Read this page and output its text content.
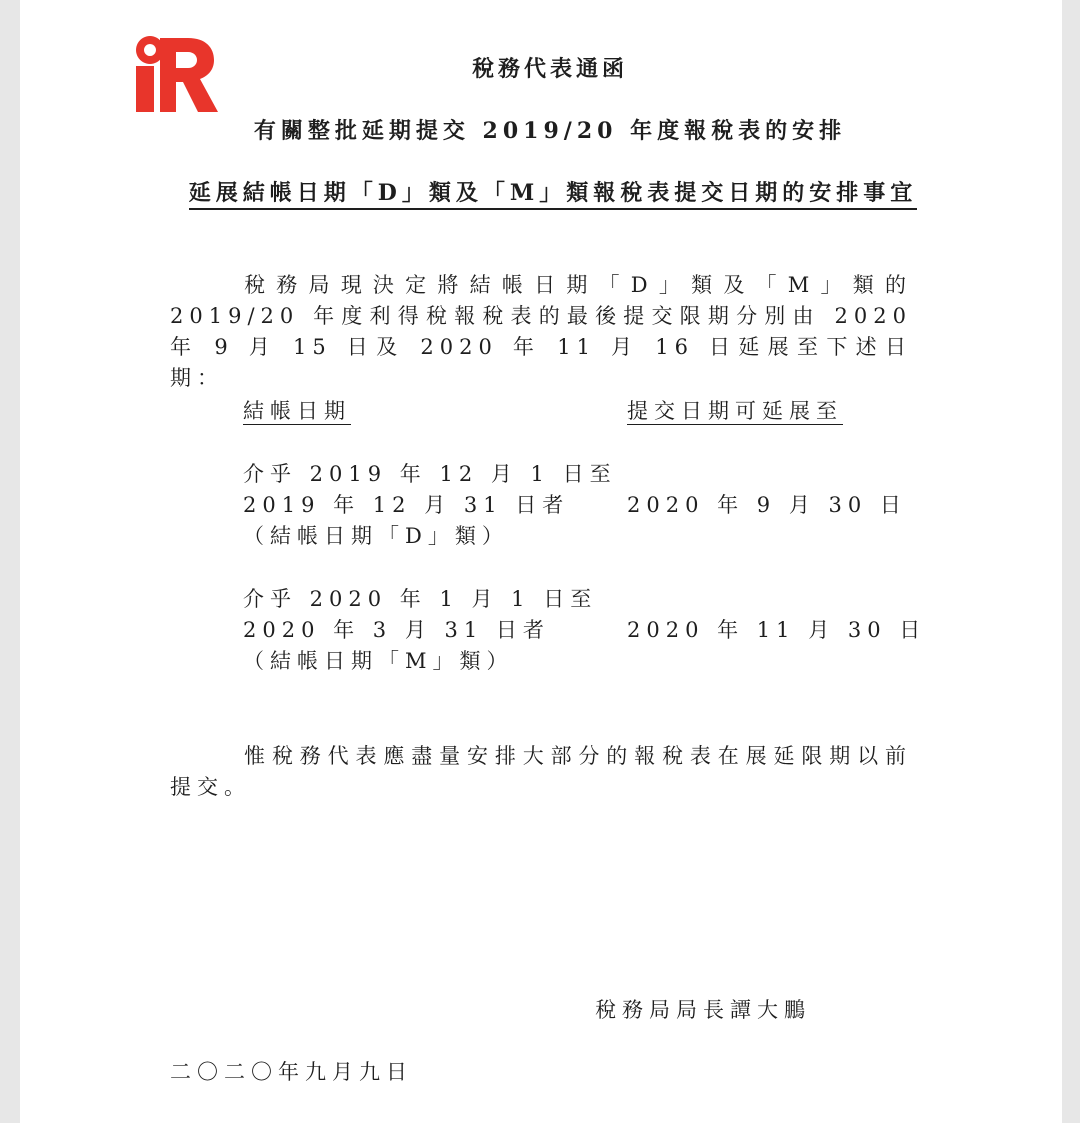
稅務代表通函
有關整批延期提交 2019/20 年度報稅表的安排
延展結帳日期「D」類及「M」類報稅表提交日期的安排事宜
稅務局現決定將結帳日期「D」類及「M」類的 2019/20 年度利得稅報稅表的最後提交限期分別由 2020 年 9 月 15 日及 2020 年 11 月 16 日延展至下述日期：
結帳日期	提交日期可延展至
介乎 2019 年 12 月 1 日至
2019 年 12 月 31 日者
（結帳日期「D」類）
2020 年 9 月 30 日
介乎 2020 年 1 月 1 日至
2020 年 3 月 31 日者
（結帳日期「M」類）
2020 年 11 月 30 日
惟稅務代表應盡量安排大部分的報稅表在展延限期以前提交。
稅務局局長譚大鵬
二〇二〇年九月九日
